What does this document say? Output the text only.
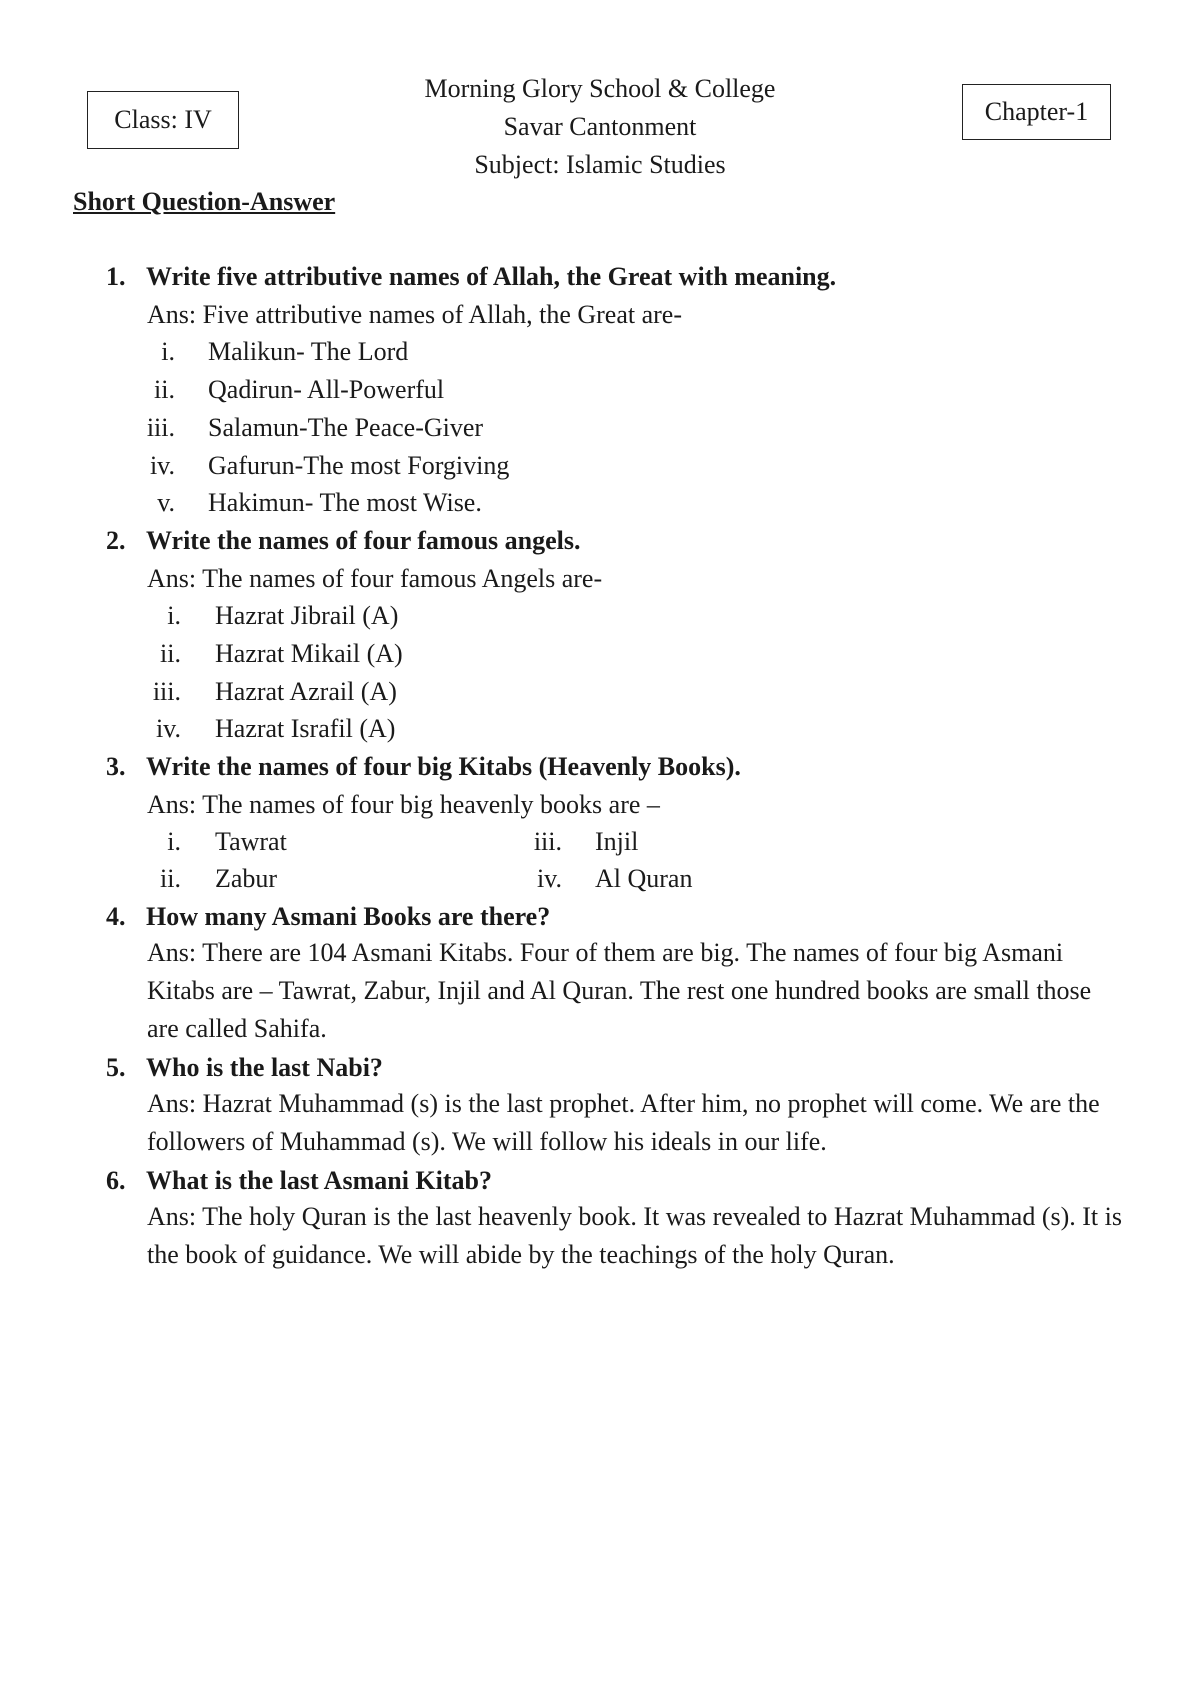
Class: IV	Chapter-1
Morning Glory School & College
Savar Cantonment
Subject: Islamic Studies
Short Question-Answer
1. Write five attributive names of Allah, the Great with meaning.
Ans: Five attributive names of Allah, the Great are-
i. Malikun- The Lord
ii. Qadirun- All-Powerful
iii. Salamun-The Peace-Giver
iv. Gafurun-The most Forgiving
v. Hakimun- The most Wise.
2. Write the names of four famous angels.
Ans: The names of four famous Angels are-
i. Hazrat Jibrail (A)
ii. Hazrat Mikail (A)
iii. Hazrat Azrail (A)
iv. Hazrat Israfil (A)
3. Write the names of four big Kitabs (Heavenly Books).
Ans: The names of four big heavenly books are –
i. Tawrat	iii. Injil
ii. Zabur	iv. Al Quran
4. How many Asmani Books are there?
Ans: There are 104 Asmani Kitabs. Four of them are big. The names of four big Asmani Kitabs are – Tawrat, Zabur, Injil and Al Quran. The rest one hundred books are small those are called Sahifa.
5. Who is the last Nabi?
Ans: Hazrat Muhammad (s) is the last prophet. After him, no prophet will come. We are the followers of Muhammad (s). We will follow his ideals in our life.
6. What is the last Asmani Kitab?
Ans: The holy Quran is the last heavenly book. It was revealed to Hazrat Muhammad (s). It is the book of guidance. We will abide by the teachings of the holy Quran.
